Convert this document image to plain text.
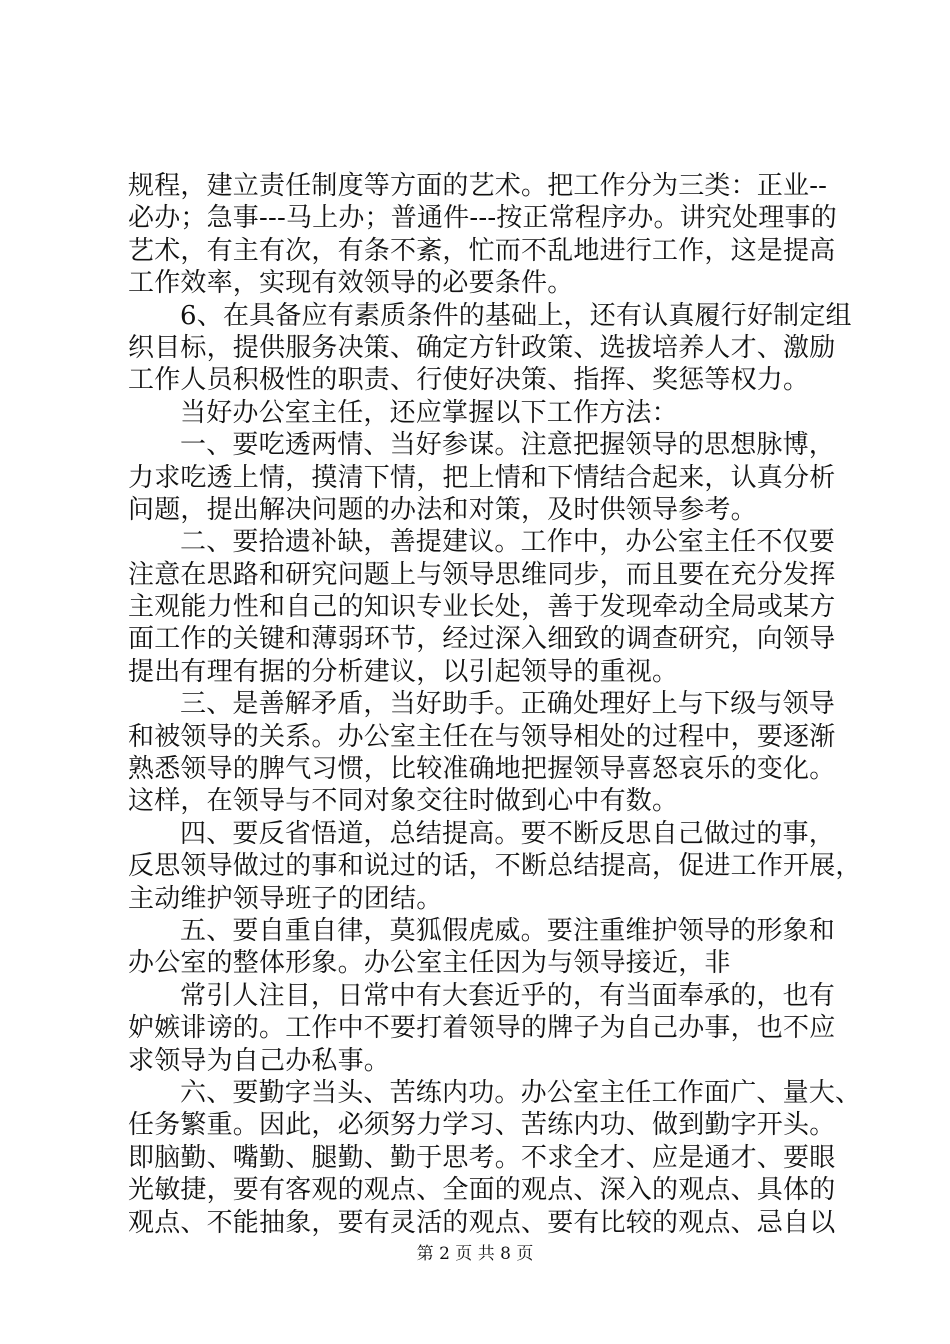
规程，建立责任制度等方面的艺术。把工作分为三类：正业--
必办；急事---马上办；普通件---按正常程序办。讲究处理事的
艺术，有主有次，有条不紊，忙而不乱地进行工作，这是提高
工作效率，实现有效领导的必要条件。
6、在具备应有素质条件的基础上，还有认真履行好制定组
织目标，提供服务决策、确定方针政策、选拔培养人才、激励
工作人员积极性的职责、行使好决策、指挥、奖惩等权力。
当好办公室主任，还应掌握以下工作方法：
一、要吃透两情、当好参谋。注意把握领导的思想脉博，
力求吃透上情，摸清下情，把上情和下情结合起来，认真分析
问题，提出解决问题的办法和对策，及时供领导参考。
二、要拾遗补缺，善提建议。工作中，办公室主任不仅要
注意在思路和研究问题上与领导思维同步，而且要在充分发挥
主观能力性和自己的知识专业长处，善于发现牵动全局或某方
面工作的关键和薄弱环节，经过深入细致的调查研究，向领导
提出有理有据的分析建议，以引起领导的重视。
三、是善解矛盾，当好助手。正确处理好上与下级与领导
和被领导的关系。办公室主任在与领导相处的过程中，要逐渐
熟悉领导的脾气习惯，比较准确地把握领导喜怒哀乐的变化。
这样，在领导与不同对象交往时做到心中有数。
四、要反省悟道，总结提高。要不断反思自己做过的事，
反思领导做过的事和说过的话，不断总结提高，促进工作开展，
主动维护领导班子的团结。
五、要自重自律，莫狐假虎威。要注重维护领导的形象和
办公室的整体形象。办公室主任因为与领导接近，非
常引人注目，日常中有大套近乎的，有当面奉承的，也有
妒嫉诽谤的。工作中不要打着领导的牌子为自己办事，也不应
求领导为自己办私事。
六、要勤字当头、苦练内功。办公室主任工作面广、量大、
任务繁重。因此，必须努力学习、苦练内功、做到勤字开头。
即脑勤、嘴勤、腿勤、勤于思考。不求全才、应是通才、要眼
光敏捷，要有客观的观点、全面的观点、深入的观点、具体的
观点、不能抽象，要有灵活的观点、要有比较的观点、忌自以
第 2 页 共 8 页
